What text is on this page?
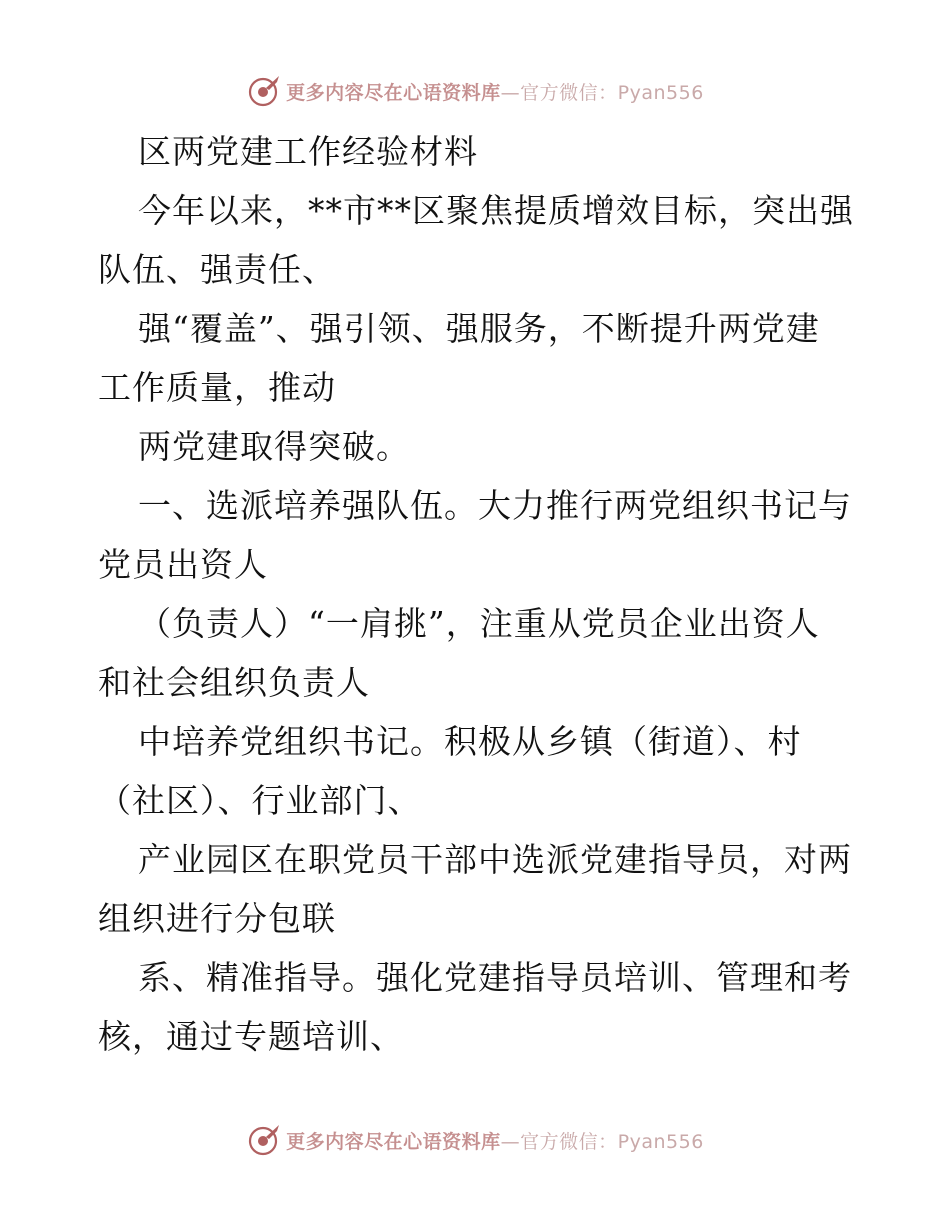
更多内容尽在心语资料库—官方微信：Pyan556
区两党建工作经验材料
今年以来，**市**区聚焦提质增效目标，突出强
队伍、强责任、
强“覆盖”、强引领、强服务，不断提升两党建
工作质量，推动
两党建取得突破。
一、选派培养强队伍。大力推行两党组织书记与
党员出资人
（负责人）“一肩挑”，注重从党员企业出资人
和社会组织负责人
中培养党组织书记。积极从乡镇（街道）、村
（社区）、行业部门、
产业园区在职党员干部中选派党建指导员，对两
组织进行分包联
系、精准指导。强化党建指导员培训、管理和考
核，通过专题培训、
更多内容尽在心语资料库—官方微信：Pyan556
